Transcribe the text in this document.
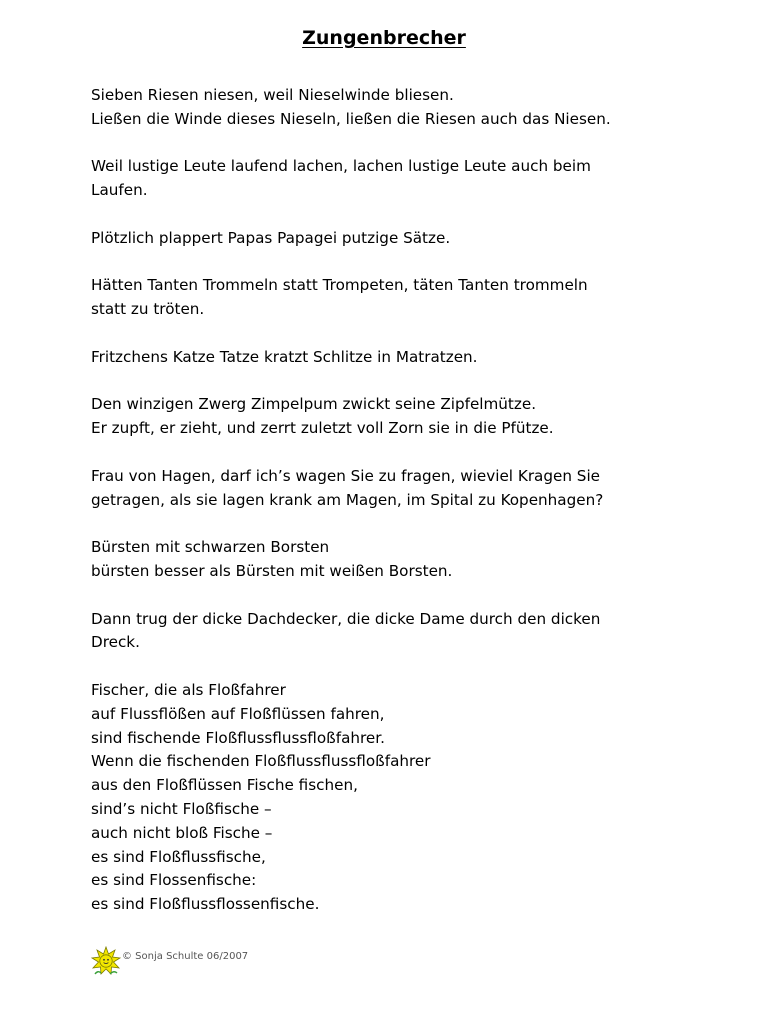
Zungenbrecher
Sieben Riesen niesen, weil Nieselwinde bliesen.
Ließen die Winde dieses Nieseln, ließen die Riesen auch das Niesen.
Weil lustige Leute laufend lachen, lachen lustige Leute auch beim
Laufen.
Plötzlich plappert Papas Papagei putzige Sätze.
Hätten Tanten Trommeln statt Trompeten, täten Tanten trommeln
statt zu tröten.
Fritzchens Katze Tatze kratzt Schlitze in Matratzen.
Den winzigen Zwerg Zimpelpum zwickt seine Zipfelmütze.
Er zupft, er zieht, und zerrt zuletzt voll Zorn sie in die Pfütze.
Frau von Hagen, darf ich’s wagen Sie zu fragen, wieviel Kragen Sie
getragen, als sie lagen krank am Magen, im Spital zu Kopenhagen?
Bürsten mit schwarzen Borsten
bürsten besser als Bürsten mit weißen Borsten.
Dann trug der dicke Dachdecker, die dicke Dame durch den dicken
Dreck.
Fischer, die als Floßfahrer
auf Flussflößen auf Floßflüssen fahren,
sind fischende Floßflussflussfloßfahrer.
Wenn die fischenden Floßflussflussfloßfahrer
aus den Floßflüssen Fische fischen,
sind’s nicht Floßfische –
auch nicht bloß Fische –
es sind Floßflussfische,
es sind Flossenfische:
es sind Floßflussflossenfische.
© Sonja Schulte 06/2007
